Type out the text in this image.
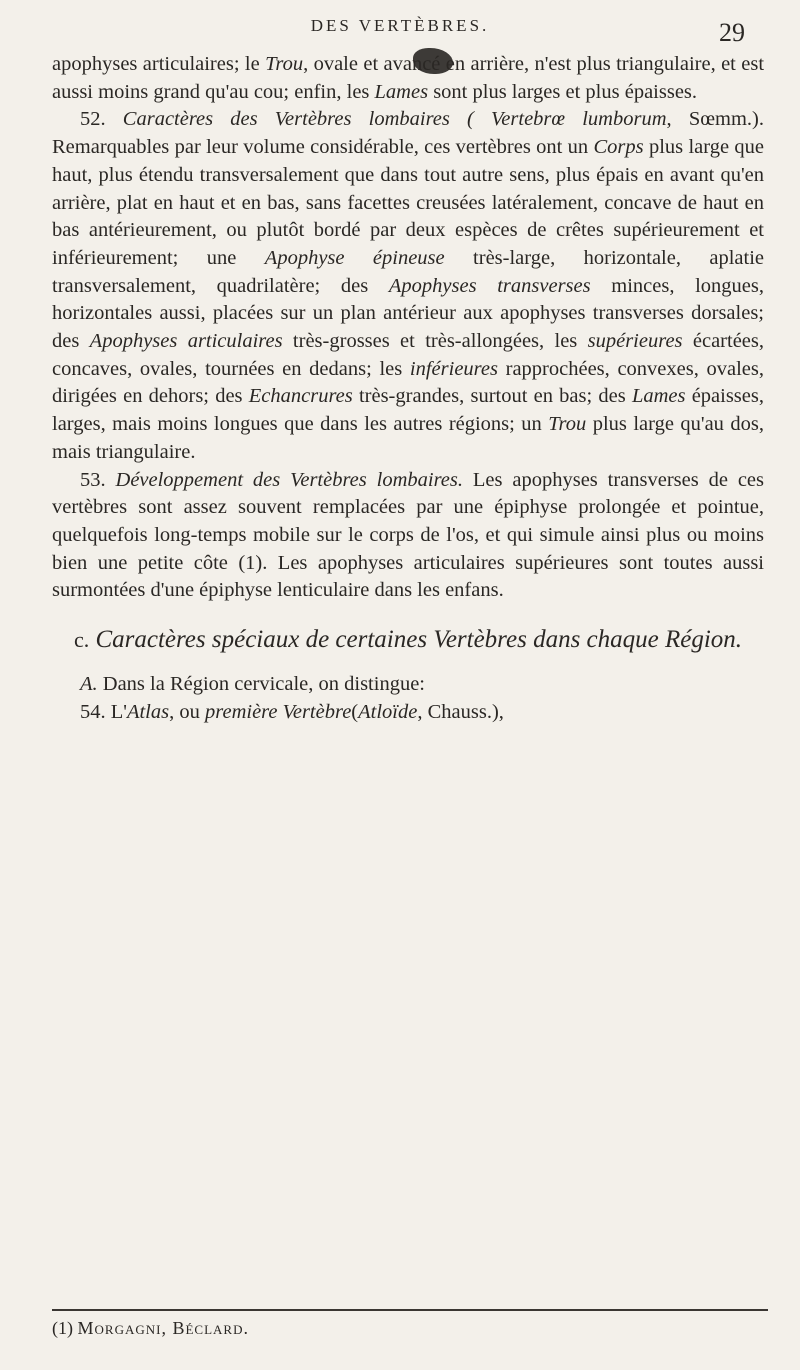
DES VERTÈBRES.	29

apophyses articulaires; le Trou, ovale et avancé en arrière, n'est plus triangulaire, et est aussi moins grand qu'au cou; enfin, les Lames sont plus larges et plus épaisses.

52. Caractères des Vertèbres lombaires ( Vertebrœ lumborum, Sœmm.). Remarquables par leur volume considérable, ces vertèbres ont un Corps plus large que haut, plus étendu transversalement que dans tout autre sens, plus épais en avant qu'en arrière, plat en haut et en bas, sans facettes creusées latéralement, concave de haut en bas antérieurement, ou plutôt bordé par deux espèces de crêtes supérieurement et inférieurement; une Apophyse épineuse très-large, horizontale, aplatie transversalement, quadrilatère; des Apophyses transverses minces, longues, horizontales aussi, placées sur un plan antérieur aux apophyses transverses dorsales; des Apophyses articulaires très-grosses et très-allongées, les supérieures écartées, concaves, ovales, tournées en dedans; les inférieures rapprochées, convexes, ovales, dirigées en dehors; des Echancrures très-grandes, surtout en bas; des Lames épaisses, larges, mais moins longues que dans les autres régions; un Trou plus large qu'au dos, mais triangulaire.

53. Développement des Vertèbres lombaires. Les apophyses transverses de ces vertèbres sont assez souvent remplacées par une épiphyse prolongée et pointue, quelquefois long-temps mobile sur le corps de l'os, et qui simule ainsi plus ou moins bien une petite côte (1). Les apophyses articulaires supérieures sont toutes aussi surmontées d'une épiphyse lenticulaire dans les enfans.

c. Caractères spéciaux de certaines Vertèbres dans chaque Région.

A. Dans la Région cervicale, on distingue:

54. L'Atlas, ou première Vertèbre(Atloïde, Chauss.),

(1) Morgagni, Béclard.
